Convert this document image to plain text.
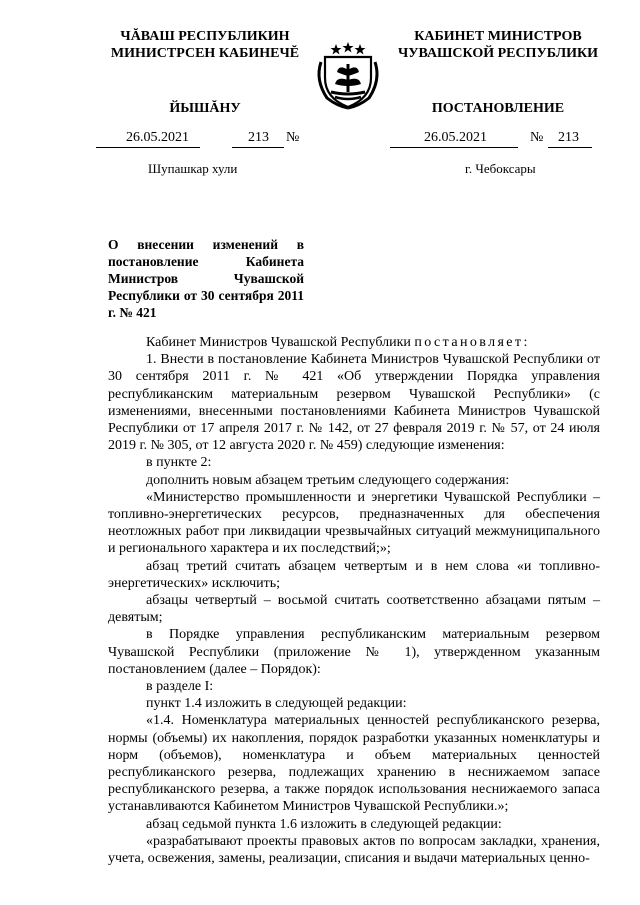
ЧĂВАШ РЕСПУБЛИКИН
МИНИСТРСЕН КАБИНЕЧĔ
КАБИНЕТ МИНИСТРОВ
ЧУВАШСКОЙ РЕСПУБЛИКИ
ЙЫШĂНУ	ПОСТАНОВЛЕНИЕ
26.05.2021	213 №	26.05.2021	№ 213
Шупашкар хули	г. Чебоксары
О внесении изменений в постановление Кабинета Министров Чувашской Республики от 30 сентября 2011 г. № 421

Кабинет Министров Чувашской Республики постановляет:

1. Внести в постановление Кабинета Министров Чувашской Республики от 30 сентября 2011 г. № 421 «Об утверждении Порядка управления республиканским материальным резервом Чувашской Республики» (с изменениями, внесенными постановлениями Кабинета Министров Чувашской Республики от 17 апреля 2017 г. № 142, от 27 февраля 2019 г. № 57, от 24 июля 2019 г. № 305, от 12 августа 2020 г. № 459) следующие изменения:

в пункте 2:

дополнить новым абзацем третьим следующего содержания:

«Министерство промышленности и энергетики Чувашской Республики – топливно-энергетических ресурсов, предназначенных для обеспечения неотложных работ при ликвидации чрезвычайных ситуаций межмуниципального и регионального характера и их последствий;»;

абзац третий считать абзацем четвертым и в нем слова «и топливно-энергетических» исключить;

абзацы четвертый – восьмой считать соответственно абзацами пятым – девятым;

в Порядке управления республиканским материальным резервом Чувашской Республики (приложение № 1), утвержденном указанным постановлением (далее – Порядок):

в разделе I:

пункт 1.4 изложить в следующей редакции:

«1.4. Номенклатура материальных ценностей республиканского резерва, нормы (объемы) их накопления, порядок разработки указанных номенклатуры и норм (объемов), номенклатура и объем материальных ценностей республиканского резерва, подлежащих хранению в неснижаемом запасе республиканского резерва, а также порядок использования неснижаемого запаса устанавливаются Кабинетом Министров Чувашской Республики.»;

абзац седьмой пункта 1.6 изложить в следующей редакции:

«разрабатывают проекты правовых актов по вопросам закладки, хранения, учета, освежения, замены, реализации, списания и выдачи материальных ценно-
